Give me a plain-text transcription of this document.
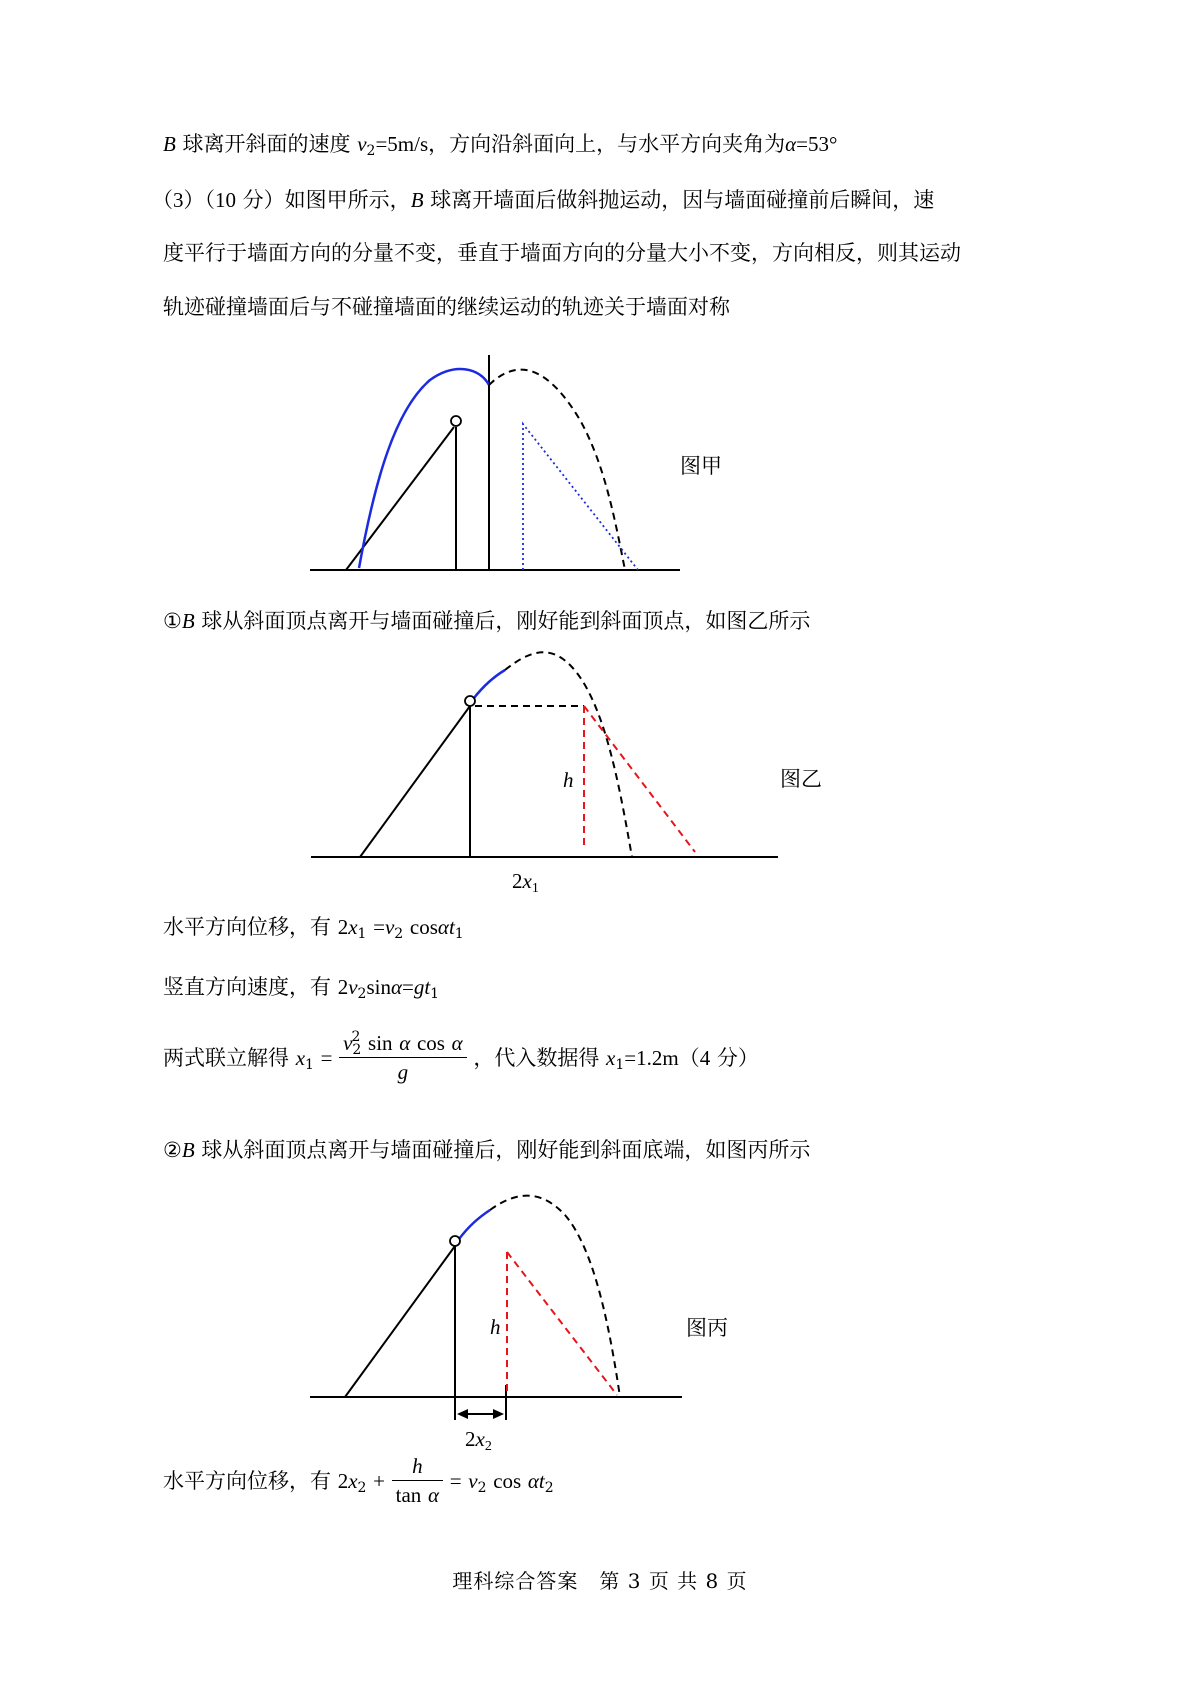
B 球离开斜面的速度 $v_2=5m/s$，方向沿斜面向上，与水平方向夹角为α=53°
（3）（10 分）如图甲所示，B 球离开墙面后做斜抛运动，因与墙面碰撞前后瞬间，速
度平行于墙面方向的分量不变，垂直于墙面方向的分量大小不变，方向相反，则其运动
轨迹碰撞墙面后与不碰撞墙面的继续运动的轨迹关于墙面对称
①B 球从斜面顶点离开与墙面碰撞后，刚好能到斜面顶点，如图乙所示
水平方向位移，有 $2x_1 =v_2$ cosαt$_1$
竖直方向速度，有 $2v_2\sin\alpha=gt_1$
两式联立解得 $x_1 = \frac{v^2_2 \sin \alpha \cos \alpha}{g}$ ，代入数据得 $x_1=1.2m(4$ 分）
②B 球从斜面顶点离开与墙面碰撞后，刚好能到斜面底端，如图丙所示
水平方向位移，有 $2x_2 + \frac{h}{\text{tan α}} = v_2$ $\cos \alpha t_2$
图甲
h
2x1
图乙
h
2x2
图丙
理科综合答案　第 3 页 共 8 页
